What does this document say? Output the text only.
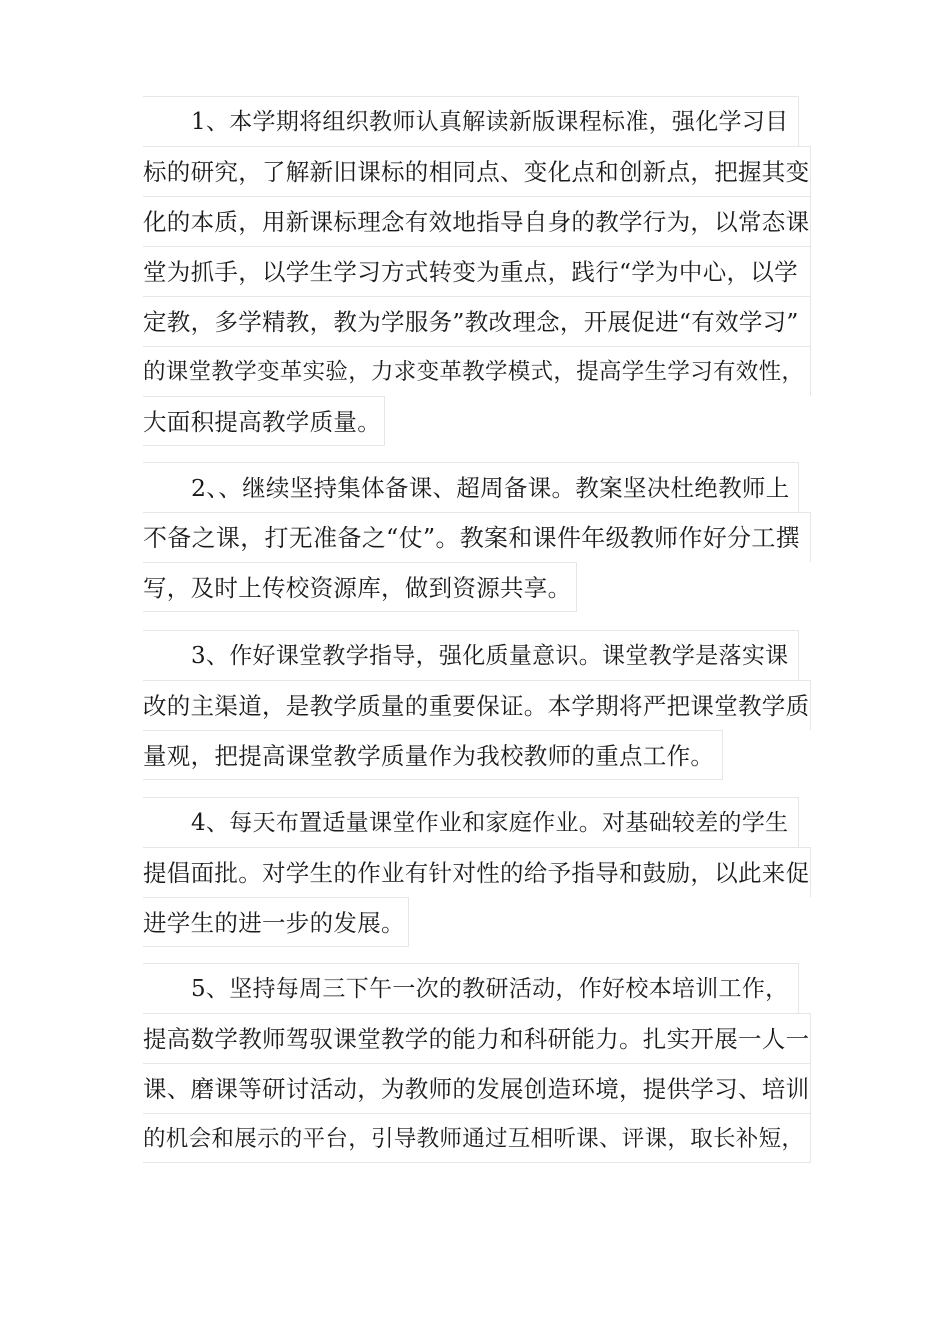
1、本学期将组织教师认真解读新版课程标准，强化学习目
标的研究，了解新旧课标的相同点、变化点和创新点，把握其变
化的本质，用新课标理念有效地指导自身的教学行为，以常态课
堂为抓手，以学生学习方式转变为重点，践行“学为中心，以学
定教，多学精教，教为学服务”教改理念，开展促进“有效学习”
的课堂教学变革实验，力求变革教学模式，提高学生学习有效性，
大面积提高教学质量。
2、、继续坚持集体备课、超周备课。教案坚决杜绝教师上
不备之课，打无准备之“仗”。教案和课件年级教师作好分工撰
写，及时上传校资源库，做到资源共享。
3、作好课堂教学指导，强化质量意识。课堂教学是落实课
改的主渠道，是教学质量的重要保证。本学期将严把课堂教学质
量观，把提高课堂教学质量作为我校教师的重点工作。
4、每天布置适量课堂作业和家庭作业。对基础较差的学生
提倡面批。对学生的作业有针对性的给予指导和鼓励，以此来促
进学生的进一步的发展。
5、坚持每周三下午一次的教研活动，作好校本培训工作，
提高数学教师驾驭课堂教学的能力和科研能力。扎实开展一人一
课、磨课等研讨活动，为教师的发展创造环境，提供学习、培训
的机会和展示的平台，引导教师通过互相听课、评课，取长补短，
